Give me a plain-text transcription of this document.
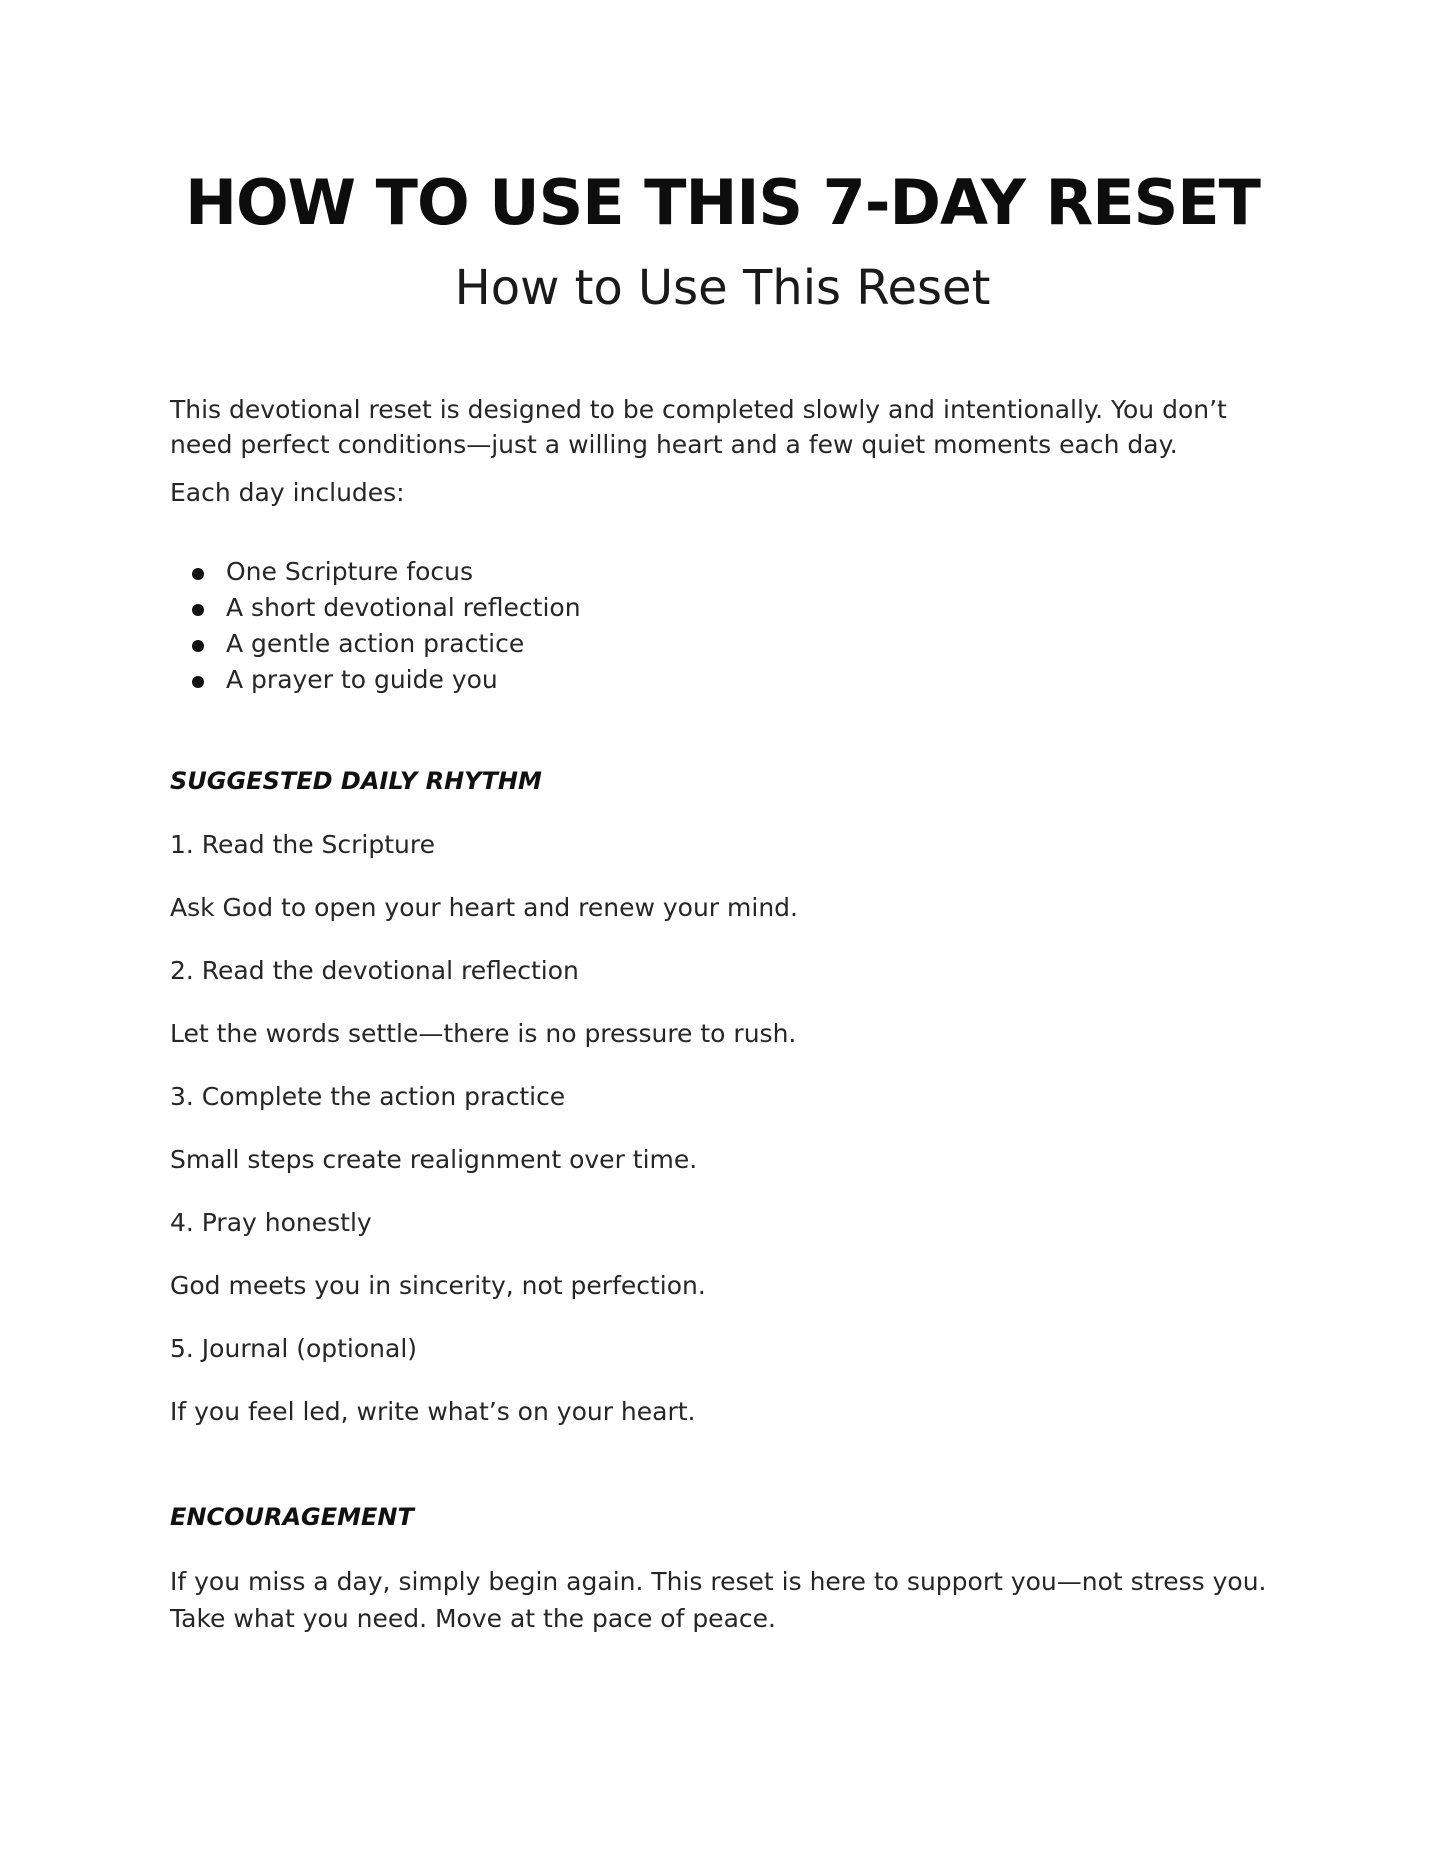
HOW TO USE THIS 7-DAY RESET
How to Use This Reset

This devotional reset is designed to be completed slowly and intentionally. You don’t need perfect conditions—just a willing heart and a few quiet moments each day.

Each day includes:

One Scripture focus
A short devotional reflection
A gentle action practice
A prayer to guide you

SUGGESTED DAILY RHYTHM

1. Read the Scripture

Ask God to open your heart and renew your mind.

2. Read the devotional reflection

Let the words settle—there is no pressure to rush.

3. Complete the action practice

Small steps create realignment over time.

4. Pray honestly

God meets you in sincerity, not perfection.

5. Journal (optional)

If you feel led, write what’s on your heart.

ENCOURAGEMENT

If you miss a day, simply begin again. This reset is here to support you—not stress you. Take what you need. Move at the pace of peace.
